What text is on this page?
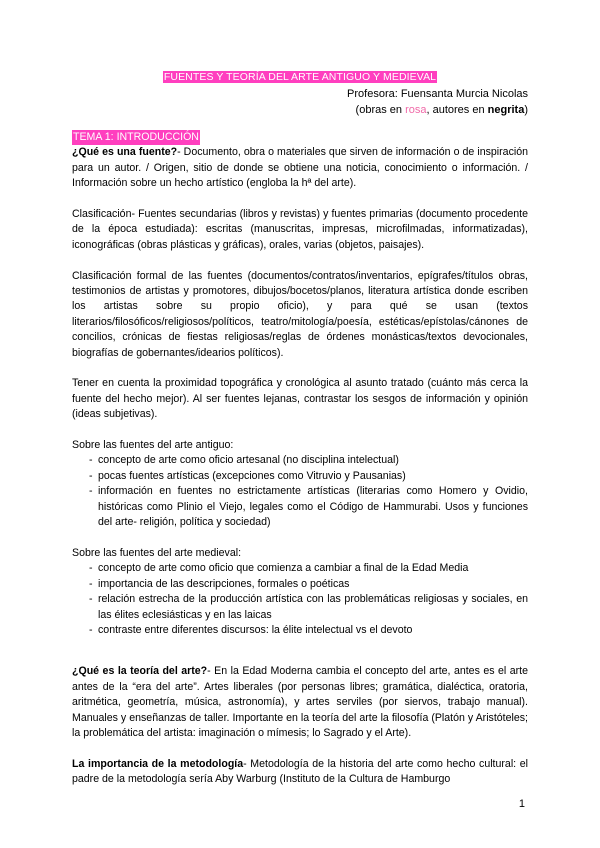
FUENTES Y TEORÍA DEL ARTE ANTIGUO Y MEDIEVAL
Profesora: Fuensanta Murcia Nicolas
(obras en rosa, autores en negrita)
TEMA 1: INTRODUCCIÓN

¿Qué es una fuente?- Documento, obra o materiales que sirven de información o de inspiración para un autor. / Origen, sitio de donde se obtiene una noticia, conocimiento o información. / Información sobre un hecho artístico (engloba la hª del arte).

Clasificación- Fuentes secundarias (libros y revistas) y fuentes primarias (documento procedente de la época estudiada): escritas (manuscritas, impresas, microfilmadas, informatizadas), iconográficas (obras plásticas y gráficas), orales, varias (objetos, paisajes).

Clasificación formal de las fuentes (documentos/contratos/inventarios, epígrafes/títulos obras, testimonios de artistas y promotores, dibujos/bocetos/planos, literatura artística donde escriben los artistas sobre su propio oficio), y para qué se usan (textos literarios/filosóficos/religiosos/políticos, teatro/mitología/poesía, estéticas/epístolas/cánones de concilios, crónicas de fiestas religiosas/reglas de órdenes monásticas/textos devocionales, biografías de gobernantes/idearios políticos).

Tener en cuenta la proximidad topográfica y cronológica al asunto tratado (cuánto más cerca la fuente del hecho mejor). Al ser fuentes lejanas, contrastar los sesgos de información y opinión (ideas subjetivas).

Sobre las fuentes del arte antiguo:

- concepto de arte como oficio artesanal (no disciplina intelectual)
- pocas fuentes artísticas (excepciones como Vitruvio y Pausanias)
- información en fuentes no estrictamente artísticas (literarias como Homero y Ovidio, históricas como Plinio el Viejo, legales como el Código de Hammurabi. Usos y funciones del arte- religión, política y sociedad)

Sobre las fuentes del arte medieval:

- concepto de arte como oficio que comienza a cambiar a final de la Edad Media
- importancia de las descripciones, formales o poéticas
- relación estrecha de la producción artística con las problemáticas religiosas y sociales, en las élites eclesiásticas y en las laicas
- contraste entre diferentes discursos: la élite intelectual vs el devoto

¿Qué es la teoría del arte?- En la Edad Moderna cambia el concepto del arte, antes es el arte antes de la “era del arte”. Artes liberales (por personas libres; gramática, dialéctica, oratoria, aritmética, geometría, música, astronomía), y artes serviles (por siervos, trabajo manual). Manuales y enseñanzas de taller. Importante en la teoría del arte la filosofía (Platón y Aristóteles; la problemática del artista: imaginación o mímesis; lo Sagrado y el Arte).

La importancia de la metodología- Metodología de la historia del arte como hecho cultural: el padre de la metodología sería Aby Warburg (Instituto de la Cultura de Hamburgo

1
